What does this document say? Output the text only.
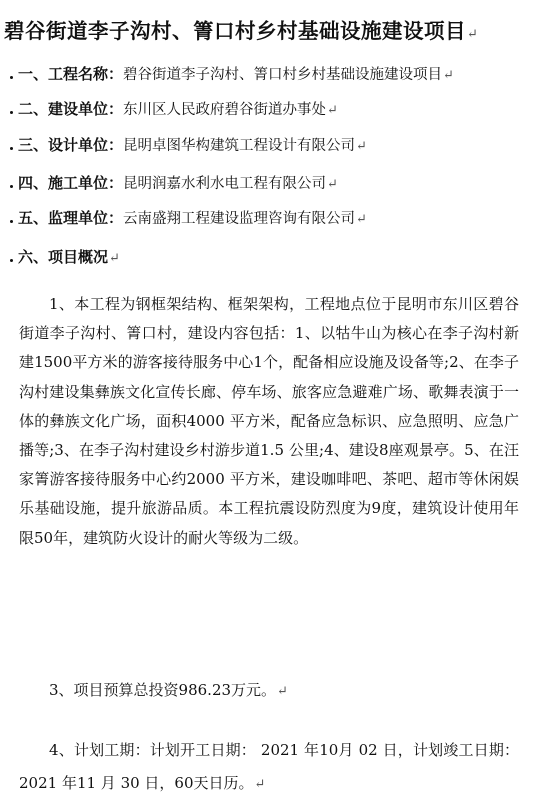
碧谷街道李子沟村、箐口村乡村基础设施建设项目↵
一、工程名称：碧谷街道李子沟村、箐口村乡村基础设施建设项目↵
二、建设单位：东川区人民政府碧谷街道办事处↵
三、设计单位：昆明卓图华构建筑工程设计有限公司↵
四、施工单位：昆明润嘉水利水电工程有限公司↵
五、监理单位：云南盛翔工程建设监理咨询有限公司↵
六、项目概况↵
1、本工程为钢框架结构、框架架构，工程地点位于昆明市东川区碧谷街道李子沟村、箐口村，建设内容包括：1、以牯牛山为核心在李子沟村新建1500平方米的游客接待服务中心1个，配备相应设施及设备等;2、在李子沟村建设集彝族文化宣传长廊、停车场、旅客应急避难广场、歌舞表演于一体的彝族文化广场，面积4000 平方米，配备应急标识、应急照明、应急广播等;3、在李子沟村建设乡村游步道1.5 公里;4、建设8座观景亭。5、在汪家箐游客接待服务中心约2000 平方米，建设咖啡吧、茶吧、超市等休闲娱乐基础设施，提升旅游品质。本工程抗震设防烈度为9度，建筑设计使用年限50年，建筑防火设计的耐火等级为二级。
3、项目预算总投资986.23万元。↵
4、计划工期：计划开工日期： 2021 年10月 02 日，计划竣工日期： 2021 年11 月 30 日，60天日历。↵
